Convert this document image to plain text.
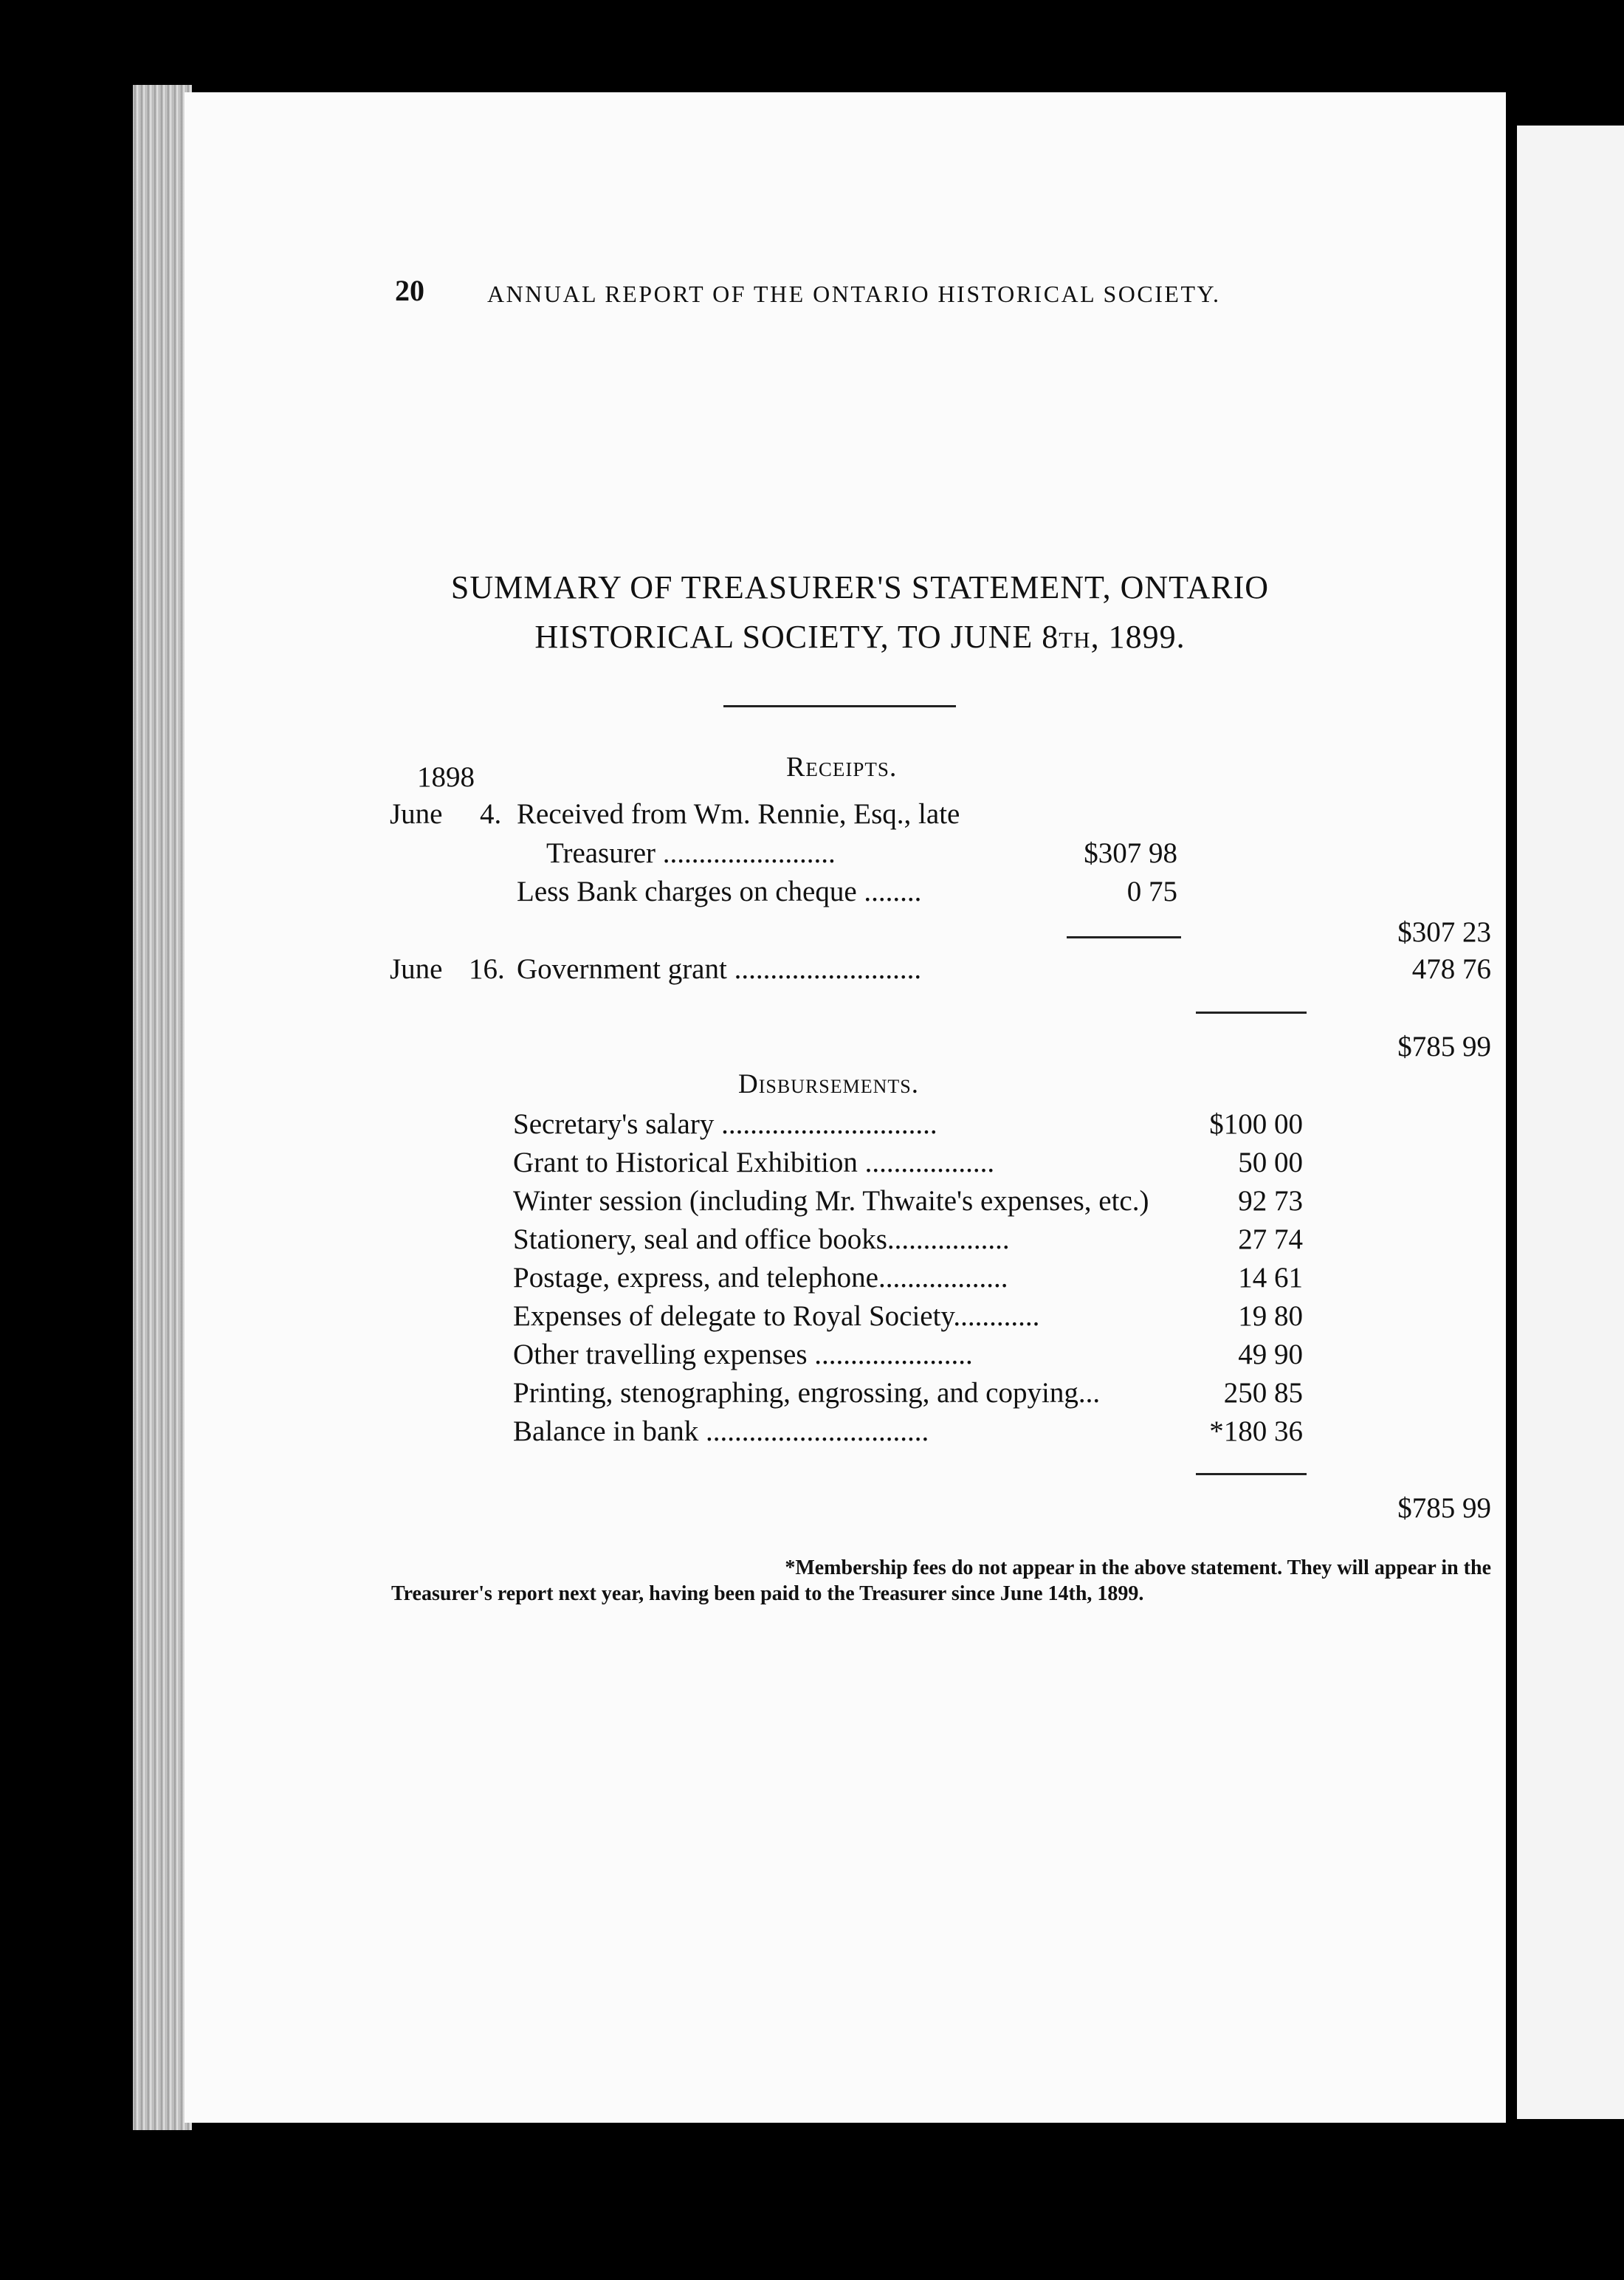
20	ANNUAL REPORT OF THE ONTARIO HISTORICAL SOCIETY.
SUMMARY OF TREASURER'S STATEMENT, ONTARIO
HISTORICAL SOCIETY, TO JUNE 8th, 1899.
1898	Receipts.
June 4. Received from Wm. Rennie, Esq., late
Treasurer ........................	$307 98
Less Bank charges on cheque ........	0 75
$307 23
June 16. Government grant ..........................	478 76
$785 99
Disbursements.
Secretary's salary ..............................	$100 00
Grant to Historical Exhibition ..................	50 00
Winter session (including Mr. Thwaite's expenses, etc.)	92 73
Stationery, seal and office books.................	27 74
Postage, express, and telephone..................	14 61
Expenses of delegate to Royal Society............	19 80
Other travelling expenses ......................	49 90
Printing, stenographing, engrossing, and copying...	250 85
Balance in bank ...............................	*180 36
$785 99
*Membership fees do not appear in the above statement. They will appear in the
Treasurer's report next year, having been paid to the Treasurer since June 14th, 1899.
